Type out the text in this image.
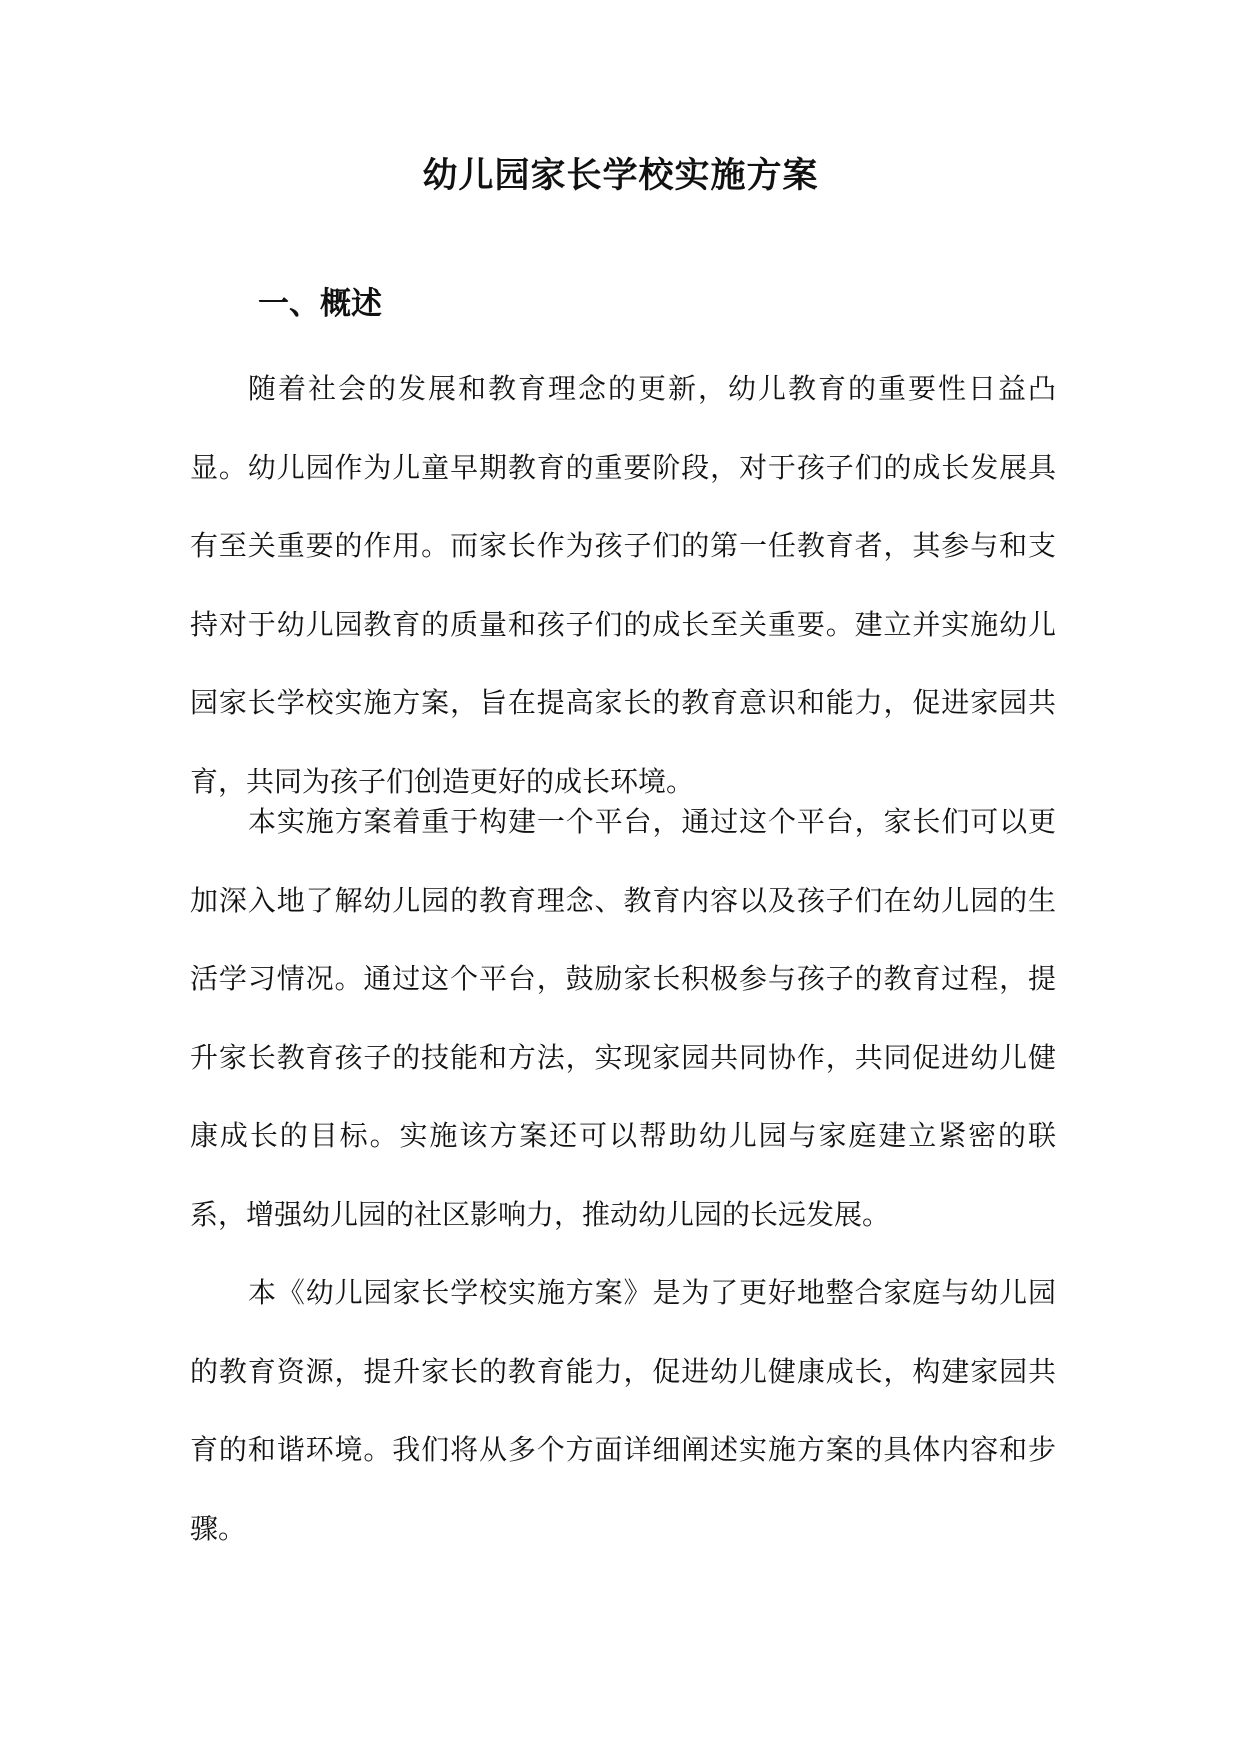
幼儿园家长学校实施方案
一、概述

随着社会的发展和教育理念的更新，幼儿教育的重要性日益凸显。幼儿园作为儿童早期教育的重要阶段，对于孩子们的成长发展具有至关重要的作用。而家长作为孩子们的第一任教育者，其参与和支持对于幼儿园教育的质量和孩子们的成长至关重要。建立并实施幼儿园家长学校实施方案，旨在提高家长的教育意识和能力，促进家园共育，共同为孩子们创造更好的成长环境。

本实施方案着重于构建一个平台，通过这个平台，家长们可以更加深入地了解幼儿园的教育理念、教育内容以及孩子们在幼儿园的生活学习情况。通过这个平台，鼓励家长积极参与孩子的教育过程，提升家长教育孩子的技能和方法，实现家园共同协作，共同促进幼儿健康成长的目标。实施该方案还可以帮助幼儿园与家庭建立紧密的联系，增强幼儿园的社区影响力，推动幼儿园的长远发展。

本《幼儿园家长学校实施方案》是为了更好地整合家庭与幼儿园的教育资源，提升家长的教育能力，促进幼儿健康成长，构建家园共育的和谐环境。我们将从多个方面详细阐述实施方案的具体内容和步骤。
